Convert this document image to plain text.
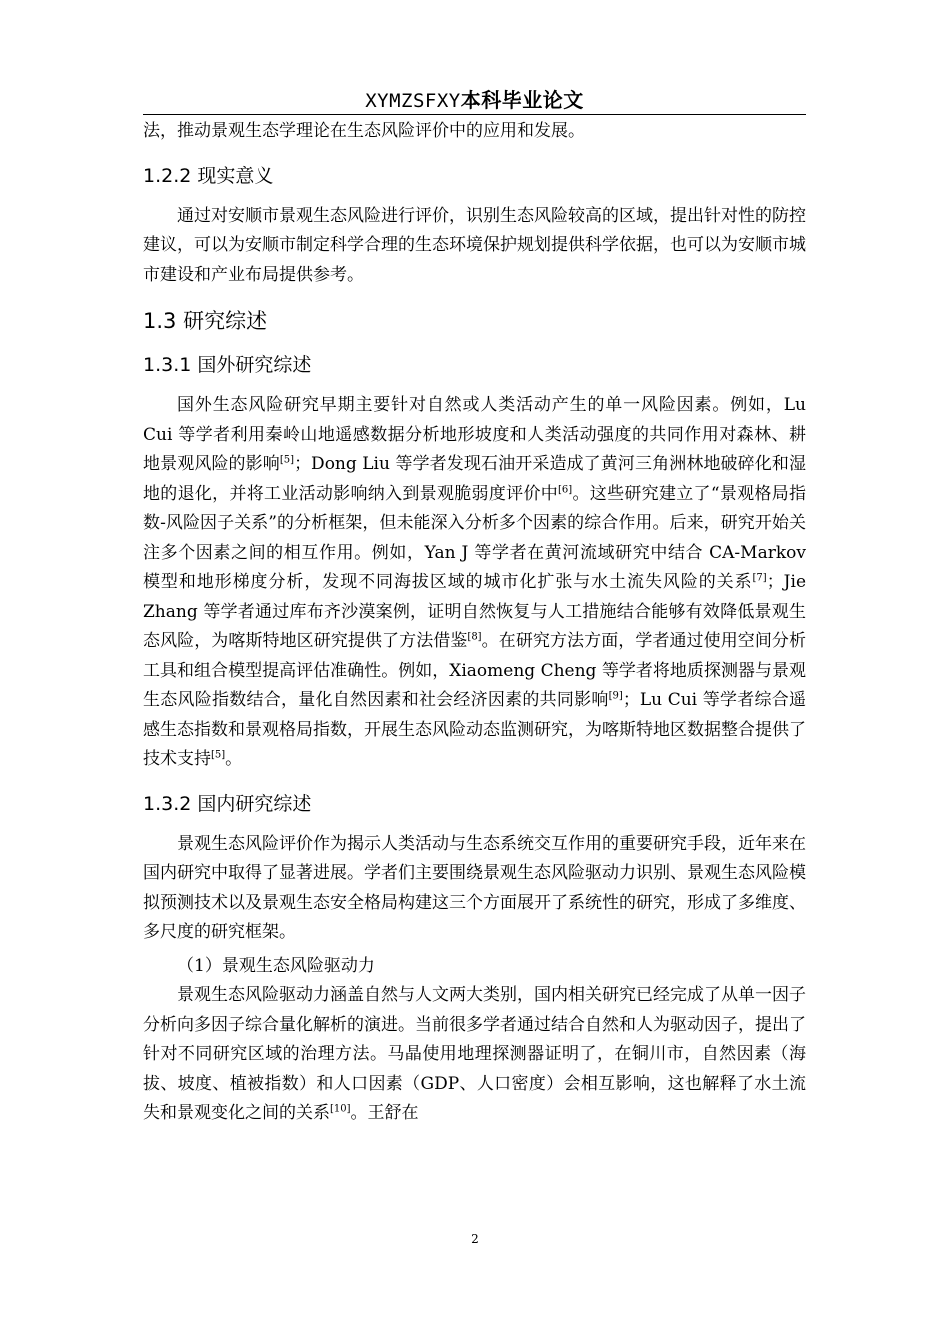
XYMZSFXY本科毕业论文

法，推动景观生态学理论在生态风险评价中的应用和发展。

1.2.2 现实意义

通过对安顺市景观生态风险进行评价，识别生态风险较高的区域，提出针对性的防控建议，可以为安顺市制定科学合理的生态环境保护规划提供科学依据，也可以为安顺市城市建设和产业布局提供参考。

1.3 研究综述
1.3.1 国外研究综述

国外生态风险研究早期主要针对自然或人类活动产生的单一风险因素。例如，Lu Cui 等学者利用秦岭山地遥感数据分析地形坡度和人类活动强度的共同作用对森林、耕地景观风险的影响[5]；Dong Liu 等学者发现石油开采造成了黄河三角洲林地破碎化和湿地的退化，并将工业活动影响纳入到景观脆弱度评价中[6]。这些研究建立了“景观格局指数-风险因子关系”的分析框架，但未能深入分析多个因素的综合作用。后来，研究开始关注多个因素之间的相互作用。例如，Yan J 等学者在黄河流域研究中结合 CA-Markov 模型和地形梯度分析，发现不同海拔区域的城市化扩张与水土流失风险的关系[7]；Jie Zhang 等学者通过库布齐沙漠案例，证明自然恢复与人工措施结合能够有效降低景观生态风险，为喀斯特地区研究提供了方法借鉴[8]。在研究方法方面，学者通过使用空间分析工具和组合模型提高评估准确性。例如，Xiaomeng Cheng 等学者将地质探测器与景观生态风险指数结合，量化自然因素和社会经济因素的共同影响[9]；Lu Cui 等学者综合遥感生态指数和景观格局指数，开展生态风险动态监测研究，为喀斯特地区数据整合提供了技术支持[5]。

1.3.2 国内研究综述

景观生态风险评价作为揭示人类活动与生态系统交互作用的重要研究手段，近年来在国内研究中取得了显著进展。学者们主要围绕景观生态风险驱动力识别、景观生态风险模拟预测技术以及景观生态安全格局构建这三个方面展开了系统性的研究，形成了多维度、多尺度的研究框架。

（1）景观生态风险驱动力

景观生态风险驱动力涵盖自然与人文两大类别，国内相关研究已经完成了从单一因子分析向多因子综合量化解析的演进。当前很多学者通过结合自然和人为驱动因子，提出了针对不同研究区域的治理方法。马晶使用地理探测器证明了，在铜川市，自然因素（海拔、坡度、植被指数）和人口因素（GDP、人口密度）会相互影响，这也解释了水土流失和景观变化之间的关系[10]。王舒在

2
